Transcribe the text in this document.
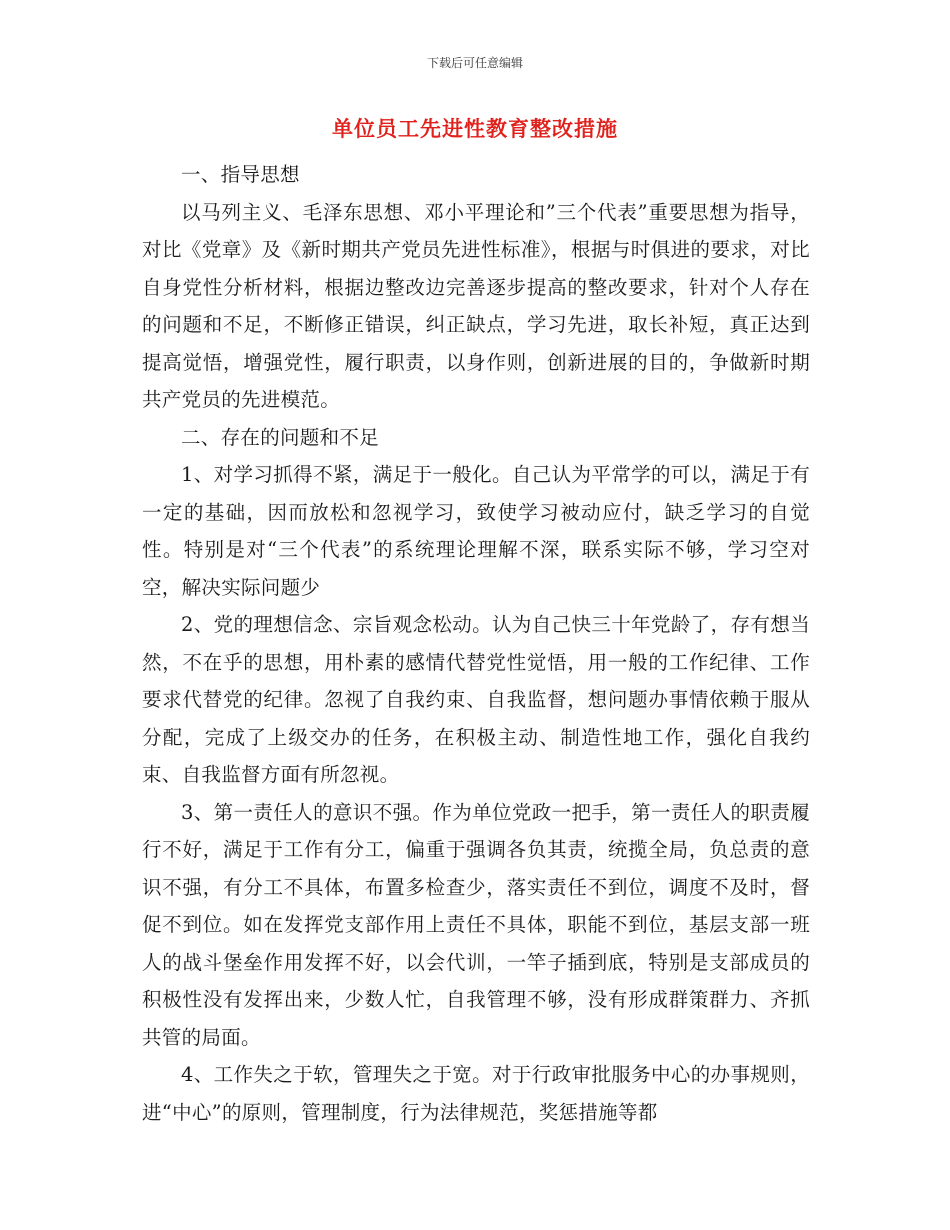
下载后可任意编辑
单位员工先进性教育整改措施

一、指导思想

以马列主义、毛泽东思想、邓小平理论和”三个代表”重要思想为指导，对比《党章》及《新时期共产党员先进性标准》，根据与时俱进的要求，对比自身党性分析材料，根据边整改边完善逐步提高的整改要求，针对个人存在的问题和不足，不断修正错误，纠正缺点，学习先进，取长补短，真正达到提高觉悟，增强党性，履行职责，以身作则，创新进展的目的，争做新时期共产党员的先进模范。

二、存在的问题和不足

1、对学习抓得不紧，满足于一般化。自己认为平常学的可以，满足于有一定的基础，因而放松和忽视学习，致使学习被动应付，缺乏学习的自觉性。特别是对“三个代表”的系统理论理解不深，联系实际不够，学习空对空，解决实际问题少

2、党的理想信念、宗旨观念松动。认为自己快三十年党龄了，存有想当然，不在乎的思想，用朴素的感情代替党性觉悟，用一般的工作纪律、工作要求代替党的纪律。忽视了自我约束、自我监督，想问题办事情依赖于服从分配，完成了上级交办的任务，在积极主动、制造性地工作，强化自我约束、自我监督方面有所忽视。

3、第一责任人的意识不强。作为单位党政一把手，第一责任人的职责履行不好，满足于工作有分工，偏重于强调各负其责，统揽全局，负总责的意识不强，有分工不具体，布置多检查少，落实责任不到位，调度不及时，督促不到位。如在发挥党支部作用上责任不具体，职能不到位，基层支部一班人的战斗堡垒作用发挥不好，以会代训，一竿子插到底，特别是支部成员的积极性没有发挥出来，少数人忙，自我管理不够，没有形成群策群力、齐抓共管的局面。

4、工作失之于软，管理失之于宽。对于行政审批服务中心的办事规则，进“中心”的原则，管理制度，行为法律规范，奖惩措施等都
